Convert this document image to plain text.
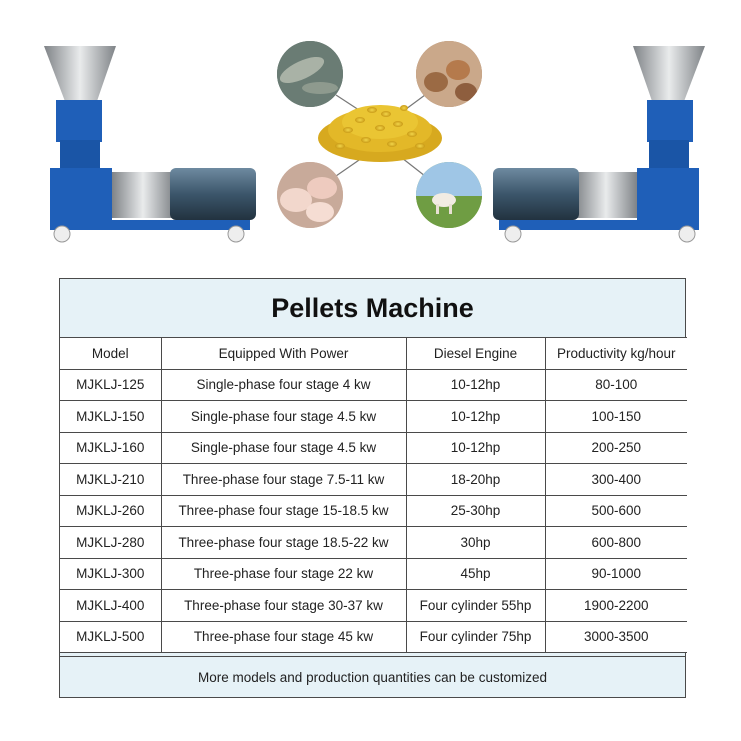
Pellets Machine
Model	Equipped With Power	Diesel Engine	Productivity kg/hour
MJKLJ-125	Single-phase four stage 4 kw	10-12hp	80-100
MJKLJ-150	Single-phase four stage 4.5 kw	10-12hp	100-150
MJKLJ-160	Single-phase four stage 4.5 kw	10-12hp	200-250
MJKLJ-210	Three-phase four stage 7.5-11 kw	18-20hp	300-400
MJKLJ-260	Three-phase four stage 15-18.5 kw	25-30hp	500-600
MJKLJ-280	Three-phase four stage 18.5-22 kw	30hp	600-800
MJKLJ-300	Three-phase four stage 22 kw	45hp	90-1000
MJKLJ-400	Three-phase four stage 30-37 kw	Four cylinder 55hp	1900-2200
MJKLJ-500	Three-phase four stage 45 kw	Four cylinder 75hp	3000-3500
More models and production quantities can be customized
